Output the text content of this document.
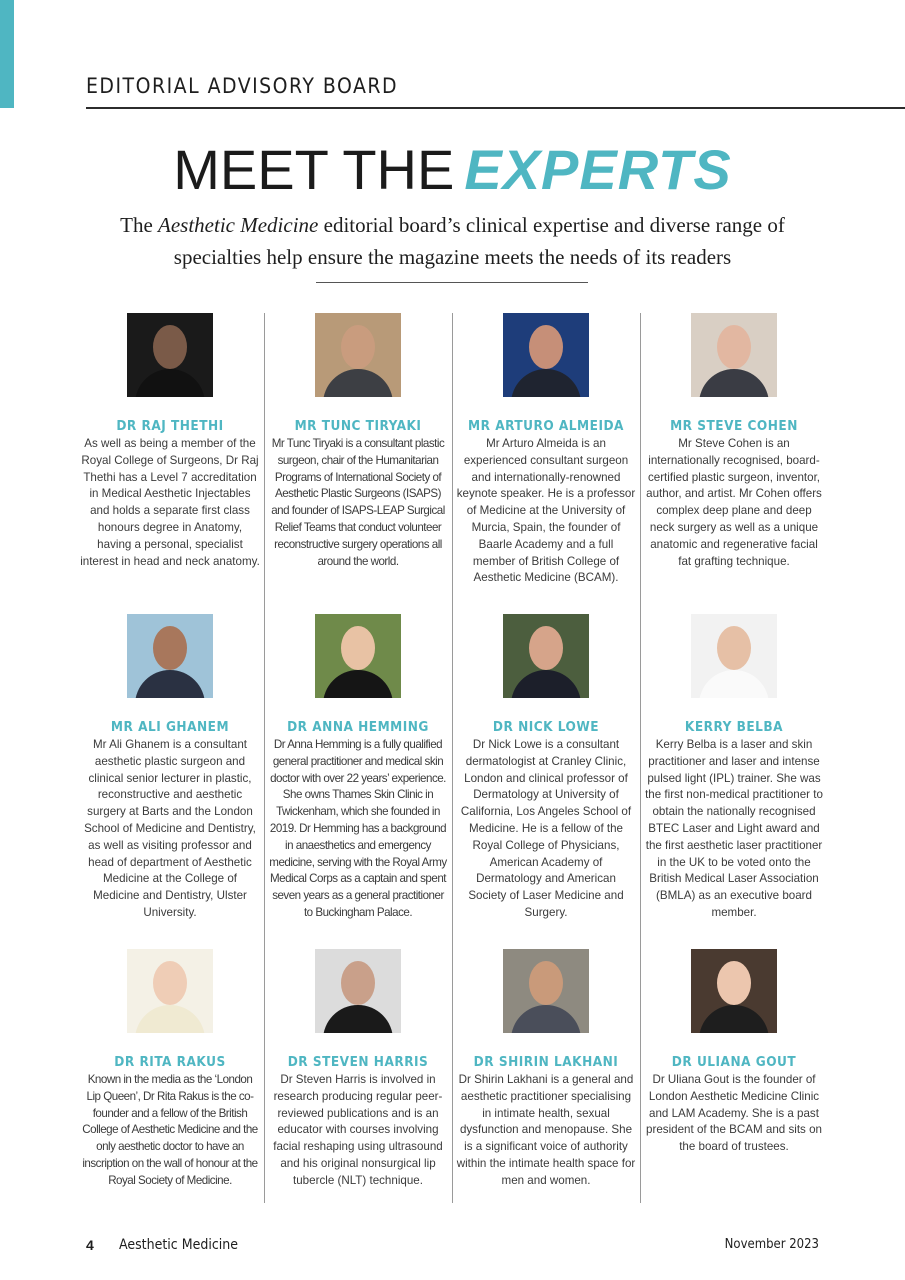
EDITORIAL ADVISORY BOARD
MEET THE EXPERTS
The Aesthetic Medicine editorial board’s clinical expertise and diverse range of specialties help ensure the magazine meets the needs of its readers
DR RAJ THETHI
As well as being a member of the Royal College of Surgeons, Dr Raj Thethi has a Level 7 accreditation in Medical Aesthetic Injectables and holds a separate first class honours degree in Anatomy, having a personal, specialist interest in head and neck anatomy.
MR TUNC TIRYAKI
Mr Tunc Tiryaki is a consultant plastic surgeon, chair of the Humanitarian Programs of International Society of Aesthetic Plastic Surgeons (ISAPS) and founder of ISAPS-LEAP Surgical Relief Teams that conduct volunteer reconstructive surgery operations all around the world.
MR ARTURO ALMEIDA
Mr Arturo Almeida is an experienced consultant surgeon and internationally-renowned keynote speaker. He is a professor of Medicine at the University of Murcia, Spain, the founder of Baarle Academy and a full member of British College of Aesthetic Medicine (BCAM).
MR STEVE COHEN
Mr Steve Cohen is an internationally recognised, board-certified plastic surgeon, inventor, author, and artist. Mr Cohen offers complex deep plane and deep neck surgery as well as a unique anatomic and regenerative facial fat grafting technique.
MR ALI GHANEM
Mr Ali Ghanem is a consultant aesthetic plastic surgeon and clinical senior lecturer in plastic, reconstructive and aesthetic surgery at Barts and the London School of Medicine and Dentistry, as well as visiting professor and head of department of Aesthetic Medicine at the College of Medicine and Dentistry, Ulster University.
DR ANNA HEMMING
Dr Anna Hemming is a fully qualified general practitioner and medical skin doctor with over 22 years’ experience. She owns Thames Skin Clinic in Twickenham, which she founded in 2019. Dr Hemming has a background in anaesthetics and emergency medicine, serving with the Royal Army Medical Corps as a captain and spent seven years as a general practitioner to Buckingham Palace.
DR NICK LOWE
Dr Nick Lowe is a consultant dermatologist at Cranley Clinic, London and clinical professor of Dermatology at University of California, Los Angeles School of Medicine. He is a fellow of the Royal College of Physicians, American Academy of Dermatology and American Society of Laser Medicine and Surgery.
KERRY BELBA
Kerry Belba is a laser and skin practitioner and laser and intense pulsed light (IPL) trainer. She was the first non-medical practitioner to obtain the nationally recognised BTEC Laser and Light award and the first aesthetic laser practitioner in the UK to be voted onto the British Medical Laser Association (BMLA) as an executive board member.
DR RITA RAKUS
Known in the media as the ‘London Lip Queen’, Dr Rita Rakus is the co-founder and a fellow of the British College of Aesthetic Medicine and the only aesthetic doctor to have an inscription on the wall of honour at the Royal Society of Medicine.
DR STEVEN HARRIS
Dr Steven Harris is involved in research producing regular peer-reviewed publications and is an educator with courses involving facial reshaping using ultrasound and his original nonsurgical lip tubercle (NLT) technique.
DR SHIRIN LAKHANI
Dr Shirin Lakhani is a general and aesthetic practitioner specialising in intimate health, sexual dysfunction and menopause. She is a significant voice of authority within the intimate health space for men and women.
DR ULIANA GOUT
Dr Uliana Gout is the founder of London Aesthetic Medicine Clinic and LAM Academy. She is a past president of the BCAM and sits on the board of trustees.
4 Aesthetic Medicine	November 2023
